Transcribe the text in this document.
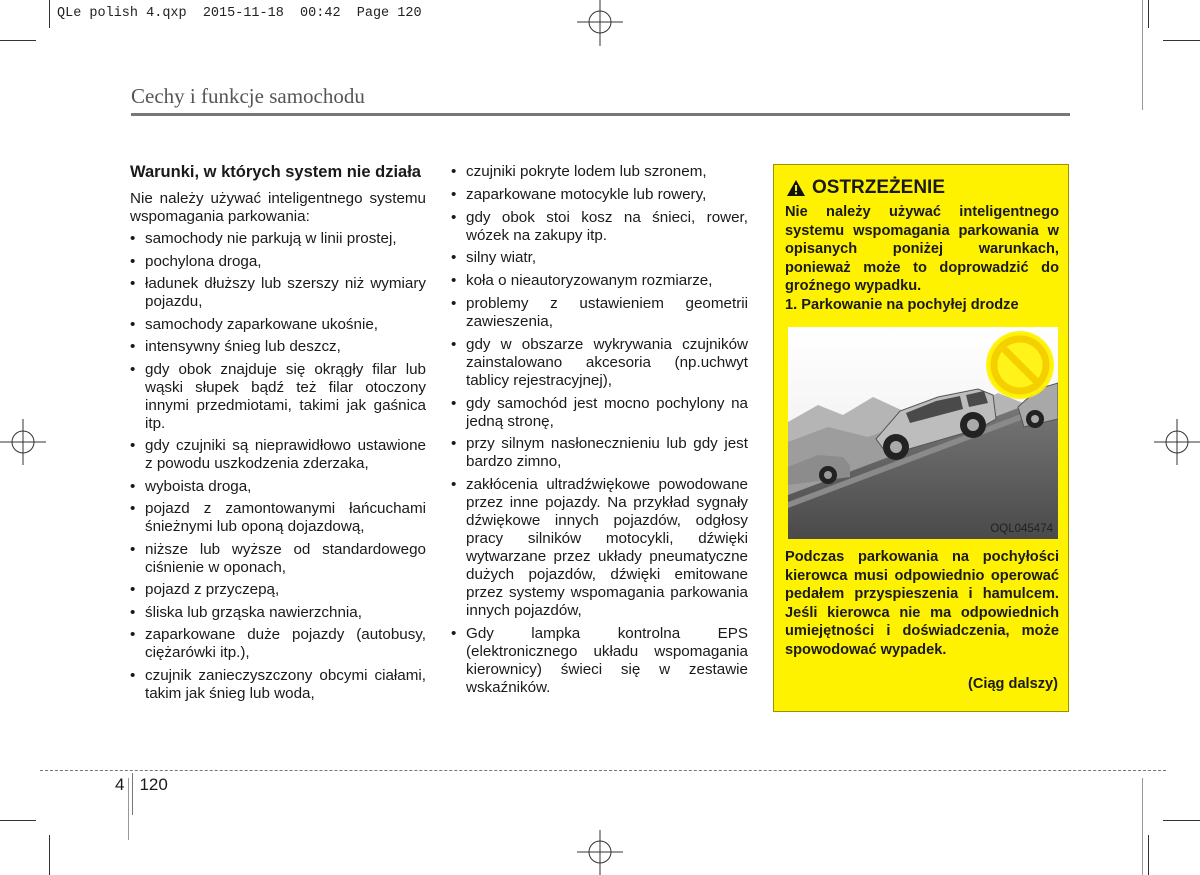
QLe polish 4.qxp  2015-11-18  00:42  Page 120
Cechy i funkcje samochodu
Warunki, w których system nie działa

Nie należy używać inteligentnego systemu wspomagania parkowania:

• samochody nie parkują w linii prostej,
• pochylona droga,
• ładunek dłuższy lub szerszy niż wymiary pojazdu,
• samochody zaparkowane ukośnie,
• intensywny śnieg lub deszcz,
• gdy obok znajduje się okrągły filar lub wąski słupek bądź też filar otoczony innymi przedmiotami, takimi jak gaśnica itp.
• gdy czujniki są nieprawidłowo ustawione z powodu uszkodzenia zderzaka,
• wyboista droga,
• pojazd z zamontowanymi łańcuchami śnieżnymi lub oponą dojazdową,
• niższe lub wyższe od standardowego ciśnienie w oponach,
• pojazd z przyczepą,
• śliska lub grząska nawierzchnia,
• zaparkowane duże pojazdy (autobusy, ciężarówki itp.),
• czujnik zanieczyszczony obcymi ciałami, takim jak śnieg lub woda,
• czujniki pokryte lodem lub szronem,
• zaparkowane motocykle lub rowery,
• gdy obok stoi kosz na śnieci, rower, wózek na zakupy itp.
• silny wiatr,
• koła o nieautoryzowanym rozmiarze,
• problemy z ustawieniem geometrii zawieszenia,
• gdy w obszarze wykrywania czujników zainstalowano akcesoria (np.uchwyt tablicy rejestracyjnej),
• gdy samochód jest mocno pochylony na jedną stronę,
• przy silnym nasłonecznieniu lub gdy jest bardzo zimno,
• zakłócenia ultradźwiękowe powodowane przez inne pojazdy. Na przykład sygnały dźwiękowe innych pojazdów, odgłosy pracy silników motocykli, dźwięki wytwarzane przez układy pneumatyczne dużych pojazdów, dźwięki emitowane przez systemy wspomagania parkowania innych pojazdów,
• Gdy lampka kontrolna EPS (elektronicznego układu wspomagania kierownicy) świeci się w zestawie wskaźników.
OSTRZEŻENIE
Nie należy używać inteligentnego systemu wspomagania parkowania w opisanych poniżej warunkach, ponieważ może to doprowadzić do groźnego wypadku.
1. Parkowanie na pochyłej drodze
OQL045474
Podczas parkowania na pochyłości kierowca musi odpowiednio operować pedałem przyspieszenia i hamulcem. Jeśli kierowca nie ma odpowiednich umiejętności i doświadczenia, może spowodować wypadek.
(Ciąg dalszy)
4 120
